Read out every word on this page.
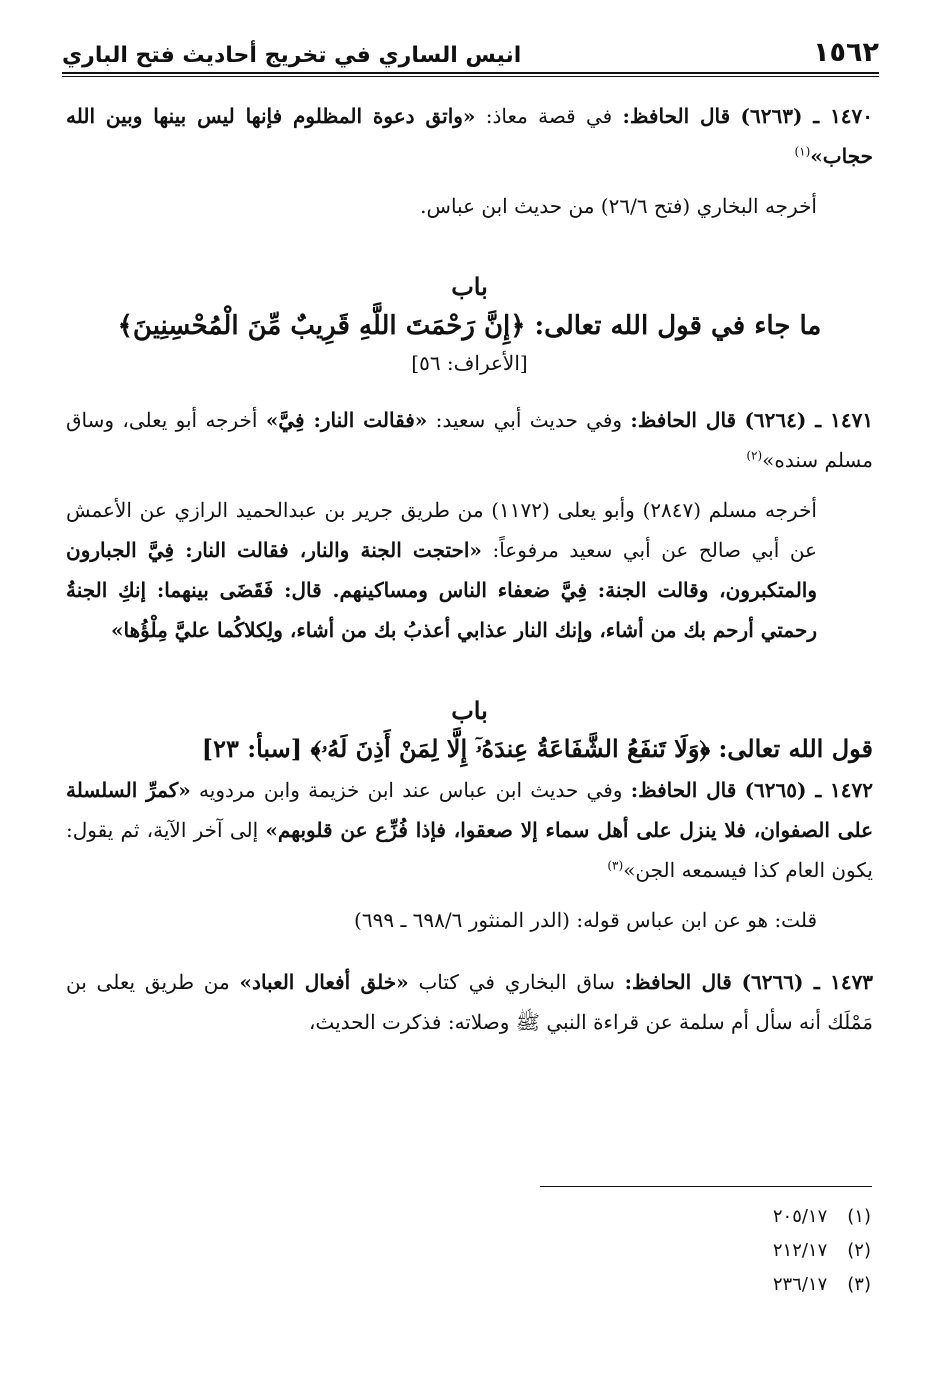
١٥٦٢
انيس الساري في تخريج أحاديث فتح الباري

١٤٧٠ ـ (٦٢٦٣) قال الحافظ: في قصة معاذ: «واتق دعوة المظلوم فإنها ليس بينها وبين الله حجاب»$^{(١)}$

أخرجه البخاري (فتح ٢٦/٦) من حديث ابن عباس.

باب
ما جاء في قول الله تعالى: ﴿إِنَّ رَحْمَتَ اللَّهِ قَرِيبٌ مِّنَ الْمُحْسِنِينَ﴾
[الأعراف: ٥٦]

١٤٧١ ـ (٦٢٦٤) قال الحافظ: وفي حديث أبي سعيد: «فقالت النار: فِيَّ» أخرجه أبو يعلى، وساق مسلم سنده»$^{(٢)}$

أخرجه مسلم (٢٨٤٧) وأبو يعلى (١١٧٢) من طريق جرير بن عبدالحميد الرازي عن الأعمش عن أبي صالح عن أبي سعيد مرفوعاً: «احتجت الجنة والنار، فقالت النار: فِيَّ الجبارون والمتكبرون، وقالت الجنة: فِيَّ ضعفاء الناس ومساكينهم. قال: فَقَضَى بينهما: إنكِ الجنةُ رحمتي أرحم بك من أشاء، وإنك النار عذابي أعذبُ بك من أشاء، ولِكلاكُما عليَّ مِلْؤُها»

باب
قول الله تعالى: ﴿وَلَا تَنفَعُ الشَّفَاعَةُ عِندَهُۥٓ إِلَّا لِمَنْ أَذِنَ لَهُۥ﴾ [سبأ: ٢٣]

١٤٧٢ ـ (٦٢٦٥) قال الحافظ: وفي حديث ابن عباس عند ابن خزيمة وابن مردويه «كمرِّ السلسلة على الصفوان، فلا ينزل على أهل سماء إلا صعقوا، فإذا فُزِّع عن قلوبهم» إلى آخر الآية، ثم يقول: يكون العام كذا فيسمعه الجن»$^{(٣)}$

قلت: هو عن ابن عباس قوله: (الدر المنثور ٦٩٨/٦ ـ ٦٩٩)

١٤٧٣ ـ (٦٢٦٦) قال الحافظ: ساق البخاري في كتاب «خلق أفعال العباد» من طريق يعلى بن مَمْلَك أنه سأل أم سلمة عن قراءة النبي ﷺ وصلاته: فذكرت الحديث،

(١)
٢٠٥/١٧
(٢)
٢١٢/١٧
(٣)
٢٣٦/١٧
